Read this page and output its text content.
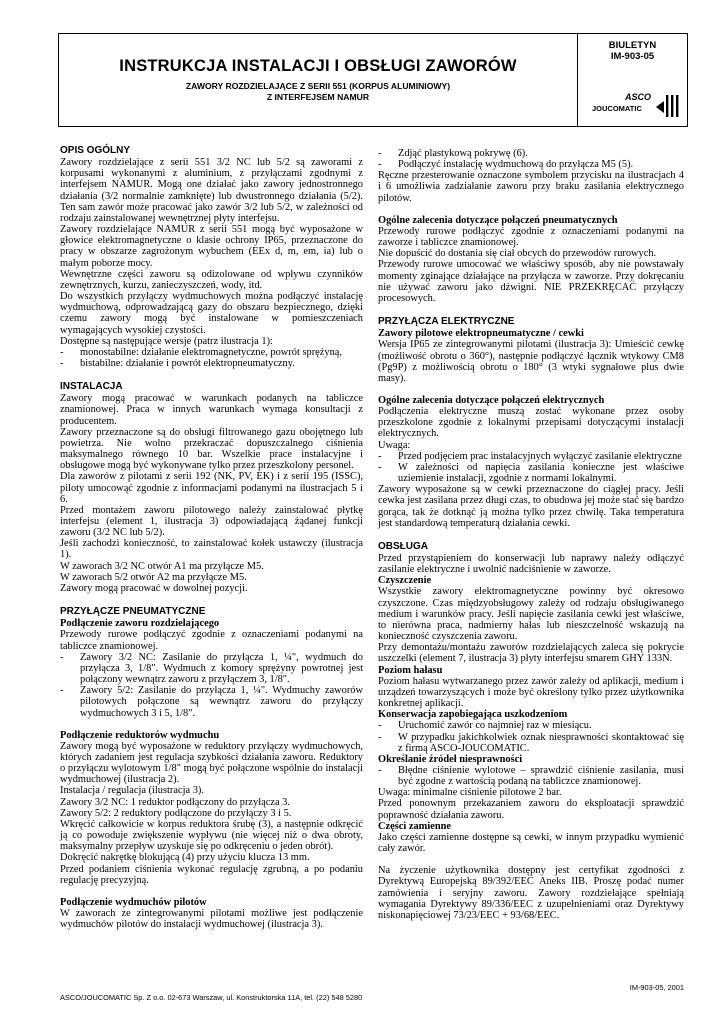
INSTRUKCJA INSTALACJI I OBSŁUGI ZAWORÓW
ZAWORY ROZDZIELAJĄCE Z SERII 551 (KORPUS ALUMINIOWY)
Z INTERFEJSEM NAMUR
BIULETYN
IM-903-05
ASCO
JOUCOMATIC
OPIS OGÓLNY
Zawory rozdzielające z serii 551 3/2 NC lub 5/2 są zaworami z korpusami wykonanymi z aluminium, z przyłączami zgodnymi z interfejsem NAMUR. Mogą one działać jako zawory jednostronnego działania (3/2 normalnie zamknięte) lub dwustronnego działania (5/2). Ten sam zawór może pracować jako zawór 3/2 lub 5/2, w zależności od rodzaju zainstalowanej wewnętrznej płyty interfejsu.
Zawory rozdzielające NAMUR z serii 551 mogą być wyposażone w głowice elektromagnetyczne o klasie ochrony IP65, przeznaczone do pracy w obszarze zagrożonym wybuchem (EEx d, m, em, ia) lub o małym poborze mocy.
Wewnętrzne części zaworu są odizolowane od wpływu czynników zewnętrznych, kurzu, zanieczyszczeń, wody, itd.
Do wszystkich przyłączy wydmuchowych można podłączyć instalację wydmuchową, odprowadzającą gazy do obszaru bezpiecznego, dzięki czemu zawory mogą być instalowane w pomieszczeniach wymagających wysokiej czystości.
Dostępne są następujące wersje (patrz ilustracja 1):
- monostabilne: działanie elektromagnetyczne, powrót sprężyną,
- bistabilne: działanie i powrót elektropneumatyczny.
INSTALACJA
Zawory mogą pracować w warunkach podanych na tabliczce znamionowej. Praca w innych warunkach wymaga konsultacji z producentem.
Zawory przeznaczone są do obsługi filtrowanego gazu obojętnego lub powietrza. Nie wolno przekraczać dopuszczalnego ciśnienia maksymalnego równego 10 bar. Wszelkie prace instalacyjne i obsługowe mogą być wykonywane tylko przez przeszkolony personel.
Dla zaworów z pilotami z serii 192 (NK, PV, EK) i z serii 195 (ISSC), piloty umocowąć zgodnie z informacjami podanymi na ilustracjach 5 i 6.
Przed montażem zaworu pilotowego należy zainstalować płytkę interfejsu (element 1, ilustracja 3) odpowiadającą żądanej funkcji zaworu (3/2 NC lub 5/2).
Jeśli zachodzi konieczność, to zainstalować kołek ustawczy (ilustracja 1).
W zaworach 3/2 NC otwór A1 ma przyłącze M5.
W zaworach 5/2 otwór A2 ma przyłącze M5.
Zawory mogą pracować w dowolnej pozycji.
PRZYŁĄCZE PNEUMATYCZNE
Podłączenie zaworu rozdzielającego
Przewody rurowe podłączyć zgodnie z oznaczeniami podanymi na tabliczce znamionowej.
- Zawory 3/2 NC: Zasilanie do przyłącza 1, ¼", wydmuch do przyłącza 3, 1/8". Wydmuch z komory sprężyny powrotnej jest połączony wewnątrz zaworu z przyłączem 3, 1/8".
- Zawory 5/2: Zasilanie do przyłącza 1, ¼". Wydmuchy zaworów pilotowych połączone są wewnątrz zaworu do przyłączy wydmuchowych 3 i 5, 1/8".
Podłączenie reduktorów wydmuchu
Zawory mogą być wyposażone w reduktory przyłączy wydmuchowych, których zadaniem jest regulacja szybkości działania zaworu. Reduktory o przyłączu wylotowym 1/8" mogą być połączone wspólnie do instalacji wydmuchowej (ilustracja 2).
Instalacja / regulacja (ilustracja 3).
Zawory 3/2 NC: 1 reduktor podłączony do przyłącza 3.
Zawory 5/2: 2 reduktory podłączone do przyłączy 3 i 5.
Wkręcić całkowicie w korpus reduktora śrubę (3), a następnie odkręcić ją co powoduje zwiększenie wypływu (nie więcej niż o dwa obroty, maksymalny przepływ uzyskuje się po odkręceniu o jeden obrót).
Dokręcić nakrętkę blokującą (4) przy użyciu klucza 13 mm.
Przed podaniem ciśnienia wykonać regulację zgrubną, a po podaniu regulację precyzyjną.
Podłączenie wydmuchów pilotów
W zaworach ze zintegrowanymi pilotami możliwe jest podłączenie wydmuchów pilotów do instalacji wydmuchowej (ilustracja 3).
- Zdjąć plastykową pokrywę (6).
- Podłączyć instalację wydmuchową do przyłącza M5 (5).
Ręczne przesterowanie oznaczone symbolem przycisku na ilustracjach 4 i 6 umożliwia zadziałanie zaworu przy braku zasilania elektrycznego pilotów.
Ogólne zalecenia dotyczące połączeń pneumatycznych
Przewody rurowe podłączyć zgodnie z oznaczeniami podanymi na zaworze i tabliczce znamionowej.
Nie dopuścić do dostania się ciał obcych do przewodów rurowych.
Przewody rurowe umocować we właściwy sposób, aby nie powstawały momenty zginające działające na przyłącza w zaworze. Przy dokręcaniu nie używać zaworu jako dźwigni. NIE PRZEKRĘCAĆ przyłączy procesowych.
PRZYŁĄCZA ELEKTRYCZNE
Zawory pilotowe elektropneumatyczne / cewki
Wersja IP65 ze zintegrowanymi pilotami (ilustracja 3): Umieścić cewkę (możliwość obrotu o 360°), następnie podłączyć łącznik wtykowy CM8 (Pg9P) z możliwością obrotu o 180° (3 wtyki sygnałowe plus dwie masy).
Ogólne zalecenia dotyczące połączeń elektrycznych
Podłączenia elektryczne muszą zostać wykonane przez osoby przeszkolone zgodnie z lokalnymi przepisami dotyczącymi instalacji elektrycznych.
Uwaga:
- Przed podjęciem prac instalacyjnych wyłączyć zasilanie elektryczne
- W zależności od napięcia zasilania konieczne jest właściwe uziemienie instalacji, zgodnie z normami lokalnymi.
Zawory wyposażone są w cewki przeznaczone do ciągłej pracy. Jeśli cewka jest zasilana przez długi czas, to obudowa jej może stać się bardzo gorąca, tak że dotknąć ją można tylko przez chwilę. Taka temperatura jest standardową temperaturą działania cewki.
OBSŁUGA
Przed przystąpieniem do konserwacji lub naprawy należy odłączyć zasilanie elektryczne i uwolnić nadciśnienie w zaworze.
Czyszczenie
Wszystkie zawory elektromagnetyczne powinny być okresowo czyszczone. Czas międzyobsługowy zależy od rodzaju obsługiwanego medium i warunków pracy. Jeśli napięcie zasilania cewki jest właściwe, to nierówna praca, nadmierny hałas lub nieszczelność wskazują na konieczność czyszczenia zaworu.
Przy demontażu/montażu zaworów rozdzielających zaleca się pokrycie uszczelki (element 7, ilustracja 3) płyty interfejsu smarem GHY 133N.
Poziom hałasu
Poziom hałasu wytwarzanego przez zawór zależy od aplikacji, medium i urządzeń towarzyszących i może być określony tylko przez użytkownika konkretnej aplikacji.
Konserwacja zapobiegająca uszkodzeniom
- Uruchomić zawór co najmniej raz w miesiącu.
- W przypadku jakichkolwiek oznak niesprawności skontaktować się z firmą ASCO-JOUCOMATIC.
Określanie źródeł niesprawności
- Błędne ciśnienie wylotowe – sprawdzić ciśnienie zasilania, musi być zgodne z wartością podaną na tabliczce znamionowej.
Uwaga: minimalne ciśnienie pilotowe 2 bar.
Przed ponownym przekazaniem zaworu do eksploatacji sprawdzić poprawność działania zaworu.
Części zamienne
Jako części zamienne dostępne są cewki, w innym przypadku wymienić cały zawór.
Na życzenie użytkownika dostępny jest certyfikat zgodności z Dyrektywą Europejską 89/392/EEC Aneks IIB. Proszę podać numer zamówienia i seryjny zaworu. Zawory rozdzielające spełniają wymagania Dyrektywy 89/336/EEC z uzupełnieniami oraz Dyrektywy niskonapięciowej 73/23/EEC + 93/68/EEC.
IM-903-05, 2001
ASCO/JOUCOMATIC Sp. Z o.o. 02-673 Warszaw, ul. Konstruktorska 11A, tel. (22) 548 5280
